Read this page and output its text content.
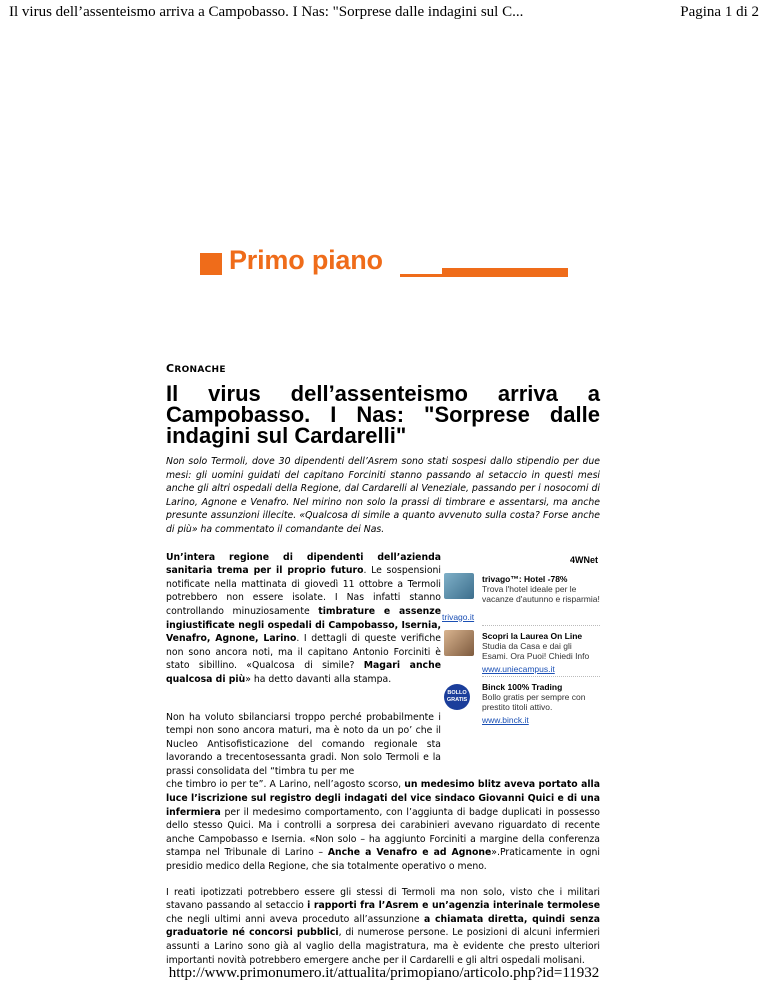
Il virus dell’assenteismo arriva a Campobasso. I Nas: "Sorprese dalle indagini sul C...	Pagina 1 di 2
Primo piano
CRONACHE
Il virus dell’assenteismo arriva a Campobasso. I Nas: "Sorprese dalle indagini sul Cardarelli"
Non solo Termoli, dove 30 dipendenti dell’Asrem sono stati sospesi dallo stipendio per due mesi: gli uomini guidati del capitano Forciniti stanno passando al setaccio in questi mesi anche gli altri ospedali della Regione, dal Cardarelli al Veneziale, passando per i nosocomi di Larino, Agnone e Venafro. Nel mirino non solo la prassi di timbrare e assentarsi, ma anche presunte assunzioni illecite. «Qualcosa di simile a quanto avvenuto sulla costa? Forse anche di più» ha commentato il comandante dei Nas.

Un’intera regione di dipendenti dell’azienda sanitaria trema per il proprio futuro. Le sospensioni notificate nella mattinata di giovedì 11 ottobre a Termoli potrebbero non essere isolate. I Nas infatti stanno controllando minuziosamente timbrature e assenze ingiustificate negli ospedali di Campobasso, Isernia, Venafro, Agnone, Larino. I dettagli di queste verifiche non sono ancora noti, ma il capitano Antonio Forciniti è stato sibillino. «Qualcosa di simile? Magari anche qualcosa di più» ha detto davanti alla stampa.

Non ha voluto sbilanciarsi troppo perché probabilmente i tempi non sono ancora maturi, ma è noto da un po’ che il Nucleo Antisofisticazione del comando regionale sta lavorando a trecentosessanta gradi. Non solo Termoli e la prassi consolidata del “timbra tu per me

che timbro io per te”. A Larino, nell’agosto scorso, un medesimo blitz aveva portato alla luce l’iscrizione sul registro degli indagati del vice sindaco Giovanni Quici e di una infermiera per il medesimo comportamento, con l’aggiunta di badge duplicati in possesso dello stesso Quici. Ma i controlli a sorpresa dei carabinieri avevano riguardato di recente anche Campobasso e Isernia. «Non solo – ha aggiunto Forciniti a margine della conferenza stampa nel Tribunale di Larino – Anche a Venafro e ad Agnone».Praticamente in ogni presidio medico della Regione, che sia totalmente operativo o meno.

I reati ipotizzati potrebbero essere gli stessi di Termoli ma non solo, visto che i militari stavano passando al setaccio i rapporti fra l’Asrem e un’agenzia interinale termolese che negli ultimi anni aveva proceduto all’assunzione a chiamata diretta, quindi senza graduatorie né concorsi pubblici, di numerose persone. Le posizioni di alcuni infermieri assunti a Larino sono già al vaglio della magistratura, ma è evidente che presto ulteriori importanti novità potrebbero emergere anche per il Cardarelli e gli altri ospedali molisani.

4WNet
trivago™: Hotel -78%
Trova l'hotel ideale per le vacanze d'autunno e risparmia!
trivago.it
Scopri la Laurea On Line
Studia da Casa e dai gli Esami. Ora Puoi! Chiedi Info
www.uniecampus.it
BOLLO GRATIS
Binck 100% Trading
Bollo gratis per sempre con prestito titoli attivo.
www.binck.it
http://www.primonumero.it/attualita/primopiano/articolo.php?id=11932
